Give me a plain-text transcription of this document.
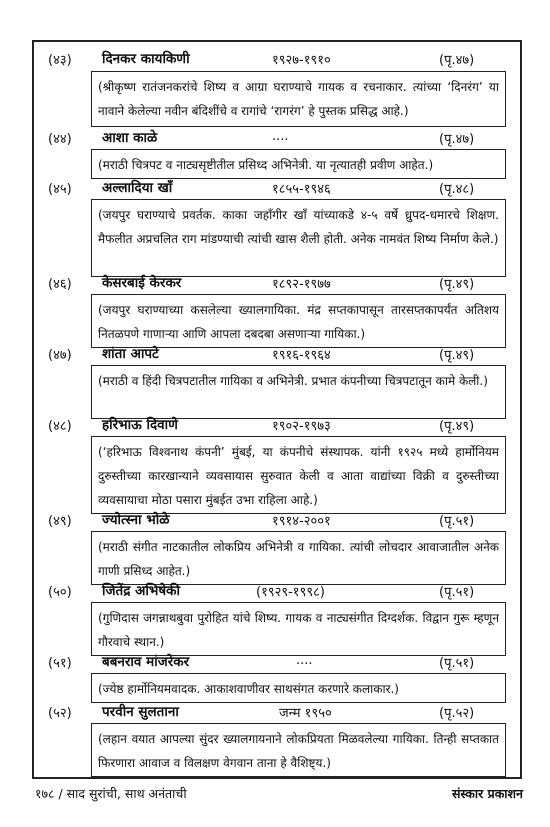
(४३) दिनकर कायकिणी	१९२७-१९१०	(पृ.४७)
(श्रीकृष्ण रातंजनकरांचे शिष्य व आग्रा घराण्याचे गायक व रचनाकार. त्यांच्या ‘दिनरंग’ या नावाने केलेल्या नवीन बंदिशींचे व रागांचे ‘रागरंग’ हे पुस्तक प्रसिद्ध आहे.)
(४४) आशा काळे	....	(पृ.४७)
(मराठी चित्रपट व नाट्यसृष्टीतील प्रसिध्द अभिनेत्री. या नृत्यातही प्रवीण आहेत.)
(४५) अल्लादिया खाँ	१८५५-१९४६	(पृ.४८)
(जयपुर घराण्याचे प्रवर्तक. काका जहाँगीर खाँ यांच्याकडे ४-५ वर्षे ध्रुपद-धमारचे शिक्षण. मैफलीत अप्रचलित राग मांडण्याची त्यांची खास शैली होती. अनेक नामवंत शिष्य निर्माण केले.)
(४६) केसरबाई केरकर	१८९२-१९७७	(पृ.४९)
(जयपुर घराण्याच्या कसलेल्या ख्यालगायिका. मंद्र सप्तकापासून तारसप्तकापर्यंत अतिशय नितळपणे गाणाऱ्या आणि आपला दबदबा असणाऱ्या गायिका.)
(४७) शांता आपटे	१९१६-१९६४	(पृ.४९)
(मराठी व हिंदी चित्रपटातील गायिका व अभिनेत्री. प्रभात कंपनीच्या चित्रपटातून कामे केली.)
(४८) हरिभाऊ दिवाणे	१९०२-१९७३	(पृ.४९)
(‘हरिभाऊ विश्वनाथ कंपनी’ मुंबई, या कंपनीचे संस्थापक. यांनी १९२५ मध्ये हार्मोनियम दुरुस्तीच्या कारखान्याने व्यवसायास सुरुवात केली व आता वाद्यांच्या विक्री व दुरुस्तीच्या व्यवसायाचा मोठा पसारा मुंबईत उभा राहिला आहे.)
(४९) ज्योत्स्ना भोळे	१९१४-२००१	(पृ.५१)
(मराठी संगीत नाटकातील लोकप्रिय अभिनेत्री व गायिका. त्यांची लोचदार आवाजातील अनेक गाणी प्रसिध्द आहेत.)
(५०) जितेंद्र अभिषेकी	(१९२९-१९९८)	(पृ.५१)
(गुणिदास जगन्नाथबुवा पुरोहित यांचे शिष्य. गायक व नाट्यसंगीत दिग्दर्शक. विद्वान गुरू म्हणून गौरवाचे स्थान.)
(५१) बबनराव मांजरेकर	....	(पृ.५१)
(ज्येष्ठ हार्मोनियमवादक. आकाशवाणीवर साथसंगत करणारे कलाकार.)
(५२) परवीन सुलताना	जन्म १९५०	(पृ.५२)
(लहान वयात आपल्या सुंदर ख्यालगायनाने लोकप्रियता मिळवलेल्या गायिका. तिन्ही सप्तकात फिरणारा आवाज व विलक्षण वेगवान ताना हे वैशिष्ट्य.)
१७८ / साद सुरांची, साथ अनंताची	संस्कार प्रकाशन
